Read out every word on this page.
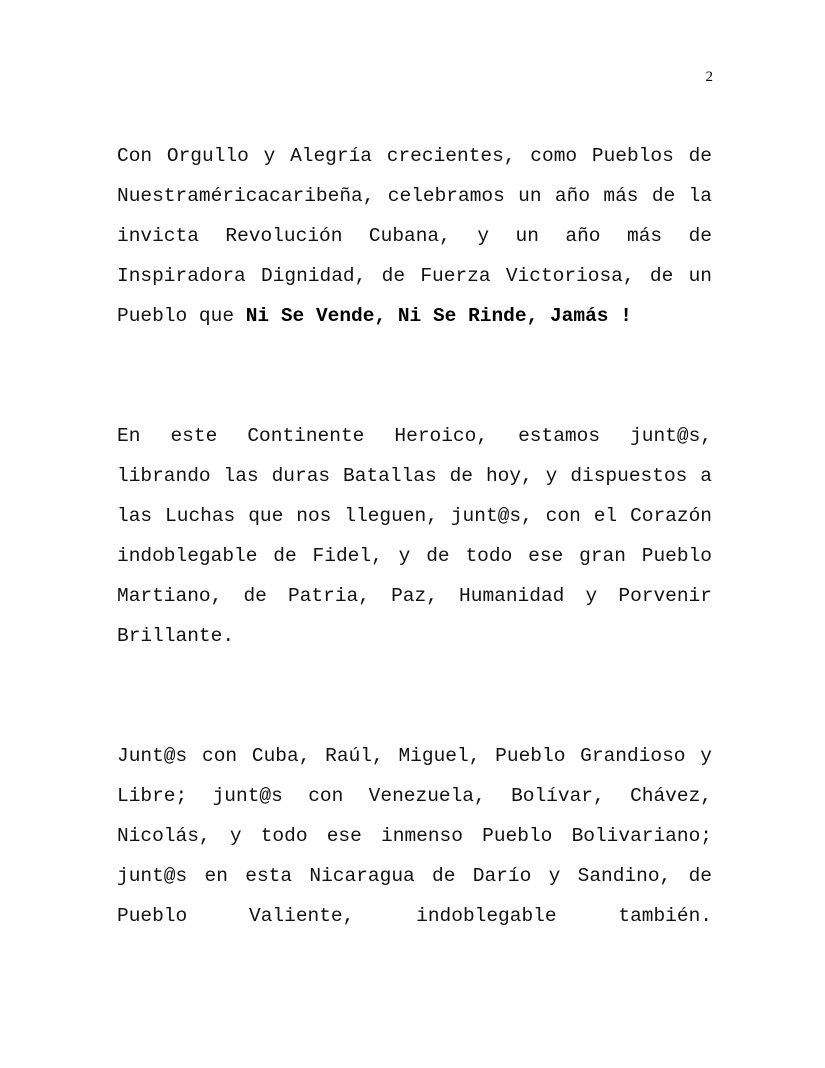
2

Con Orgullo y Alegría crecientes, como Pueblos de Nuestraméricacaribeña, celebramos un año más de la invicta Revolución Cubana, y un año más de Inspiradora Dignidad, de Fuerza Victoriosa, de un Pueblo que Ni Se Vende, Ni Se Rinde, Jamás !

En este Continente Heroico, estamos junt@s, librando las duras Batallas de hoy, y dispuestos a las Luchas que nos lleguen, junt@s, con el Corazón indoblegable de Fidel, y de todo ese gran Pueblo Martiano, de Patria, Paz, Humanidad y Porvenir Brillante.

Junt@s con Cuba, Raúl, Miguel, Pueblo Grandioso y Libre; junt@s con Venezuela, Bolívar, Chávez, Nicolás, y todo ese inmenso Pueblo Bolivariano; junt@s en esta Nicaragua de Darío y Sandino, de Pueblo Valiente, indoblegable también.
